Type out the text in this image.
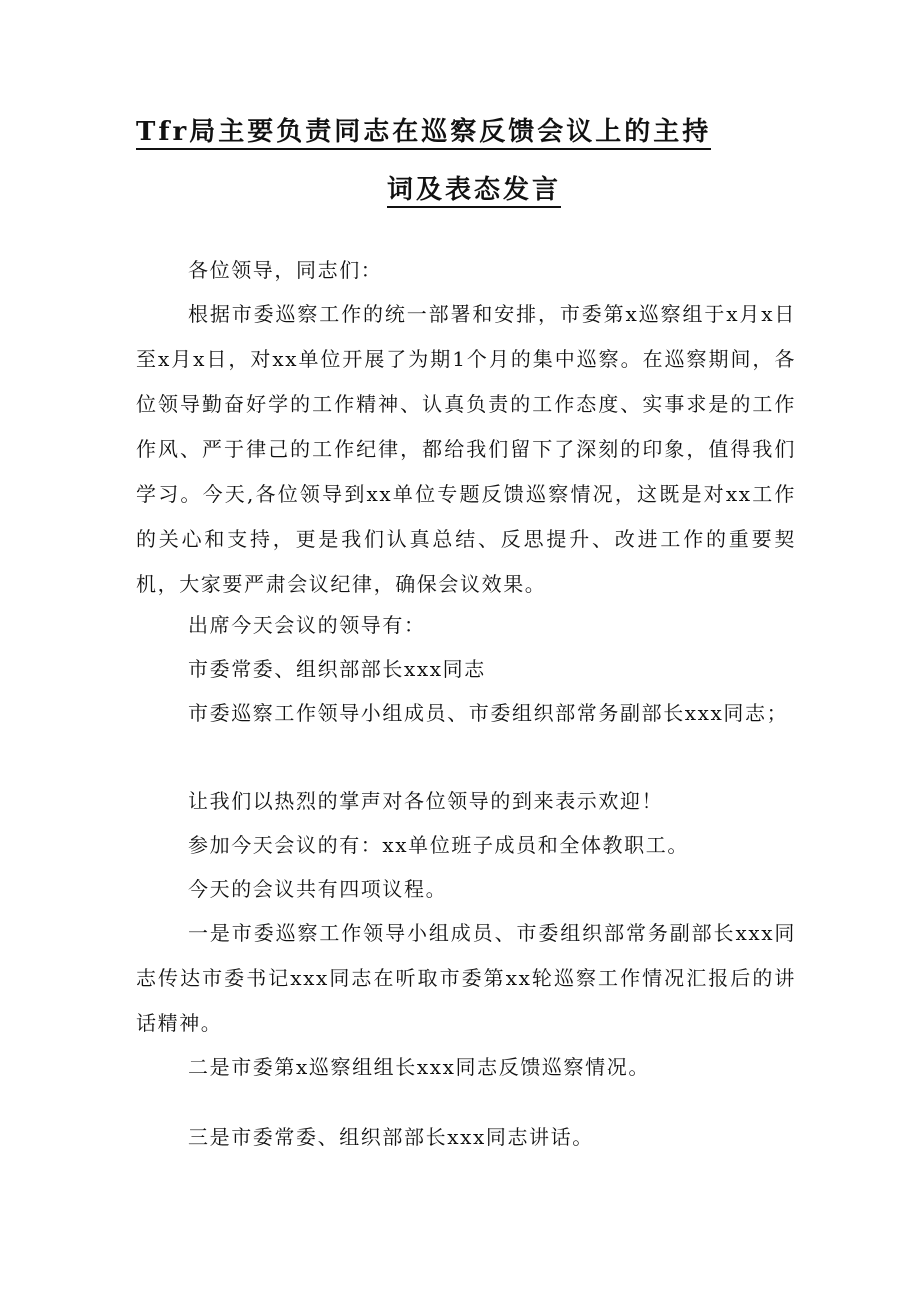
Tfr局主要负责同志在巡察反馈会议上的主持
词及表态发言

各位领导，同志们：

根据市委巡察工作的统一部署和安排，市委第x巡察组于x月x日至x月x日，对xx单位开展了为期1个月的集中巡察。在巡察期间，各位领导勤奋好学的工作精神、认真负责的工作态度、实事求是的工作作风、严于律己的工作纪律，都给我们留下了深刻的印象，值得我们学习。今天,各位领导到xx单位专题反馈巡察情况，这既是对xx工作的关心和支持，更是我们认真总结、反思提升、改进工作的重要契机，大家要严肃会议纪律，确保会议效果。

出席今天会议的领导有：

市委常委、组织部部长xxx同志

市委巡察工作领导小组成员、市委组织部常务副部长xxx同志；

让我们以热烈的掌声对各位领导的到来表示欢迎！

参加今天会议的有：xx单位班子成员和全体教职工。

今天的会议共有四项议程。

一是市委巡察工作领导小组成员、市委组织部常务副部长xxx同志传达市委书记xxx同志在听取市委第xx轮巡察工作情况汇报后的讲话精神。

二是市委第x巡察组组长xxx同志反馈巡察情况。

三是市委常委、组织部部长xxx同志讲话。
